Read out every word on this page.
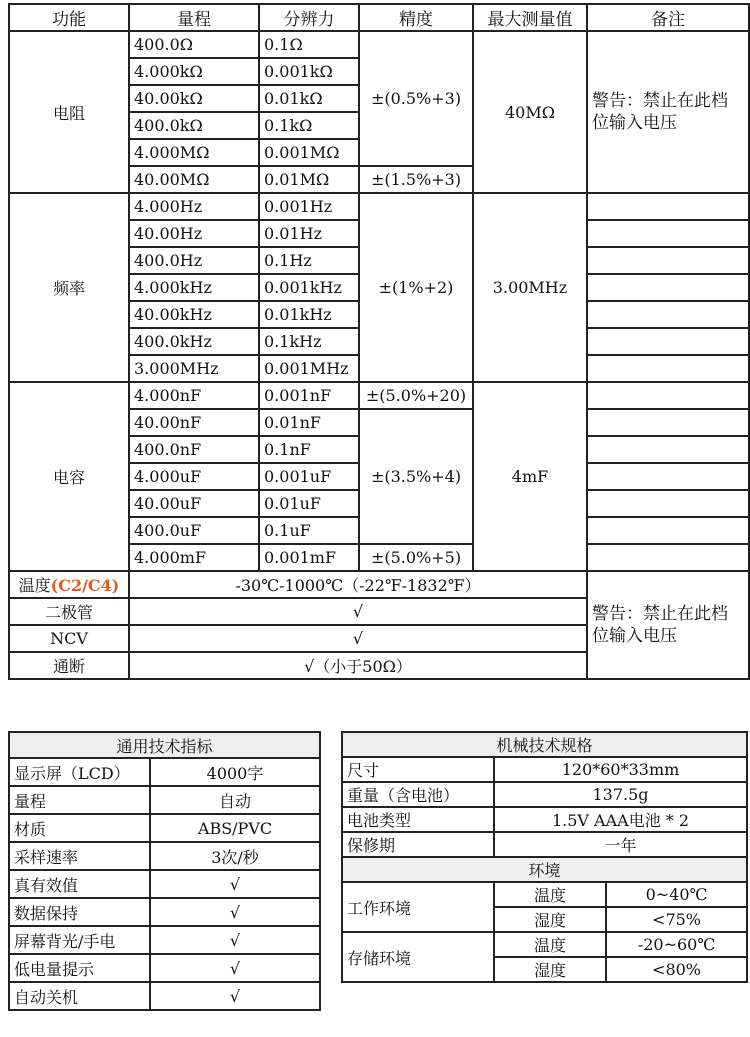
功能	量程	分辨力	精度	最大测量值	备注
电阻	400.0Ω	0.1Ω	±(0.5%+3)	40MΩ	警告：禁止在此档位输入电压
	4.000kΩ	0.001kΩ			
	40.00kΩ	0.01kΩ			
	400.0kΩ	0.1kΩ			
	4.000MΩ	0.001MΩ			
	40.00MΩ	0.01MΩ	±(1.5%+3)		
频率	4.000Hz	0.001Hz	±(1%+2)	3.00MHz	
	40.00Hz	0.01Hz			
	400.0Hz	0.1Hz			
	4.000kHz	0.001kHz			
	40.00kHz	0.01kHz			
	400.0kHz	0.1kHz			
	3.000MHz	0.001MHz			
电容	4.000nF	0.001nF	±(5.0%+20)	4mF	
	40.00nF	0.01nF	±(3.5%+4)		
	400.0nF	0.1nF			
	4.000uF	0.001uF			
	40.00uF	0.01uF			
	400.0uF	0.1uF			
	4.000mF	0.001mF	±(5.0%+5)		
温度(C2/C4)	-30℃-1000℃（-22℉-1832℉）				警告：禁止在此档位输入电压
二极管	√				
NCV	√				
通断	√（小于50Ω）				
通用技术指标	
显示屏（LCD）	4000字
量程	自动
材质	ABS/PVC
采样速率	3次/秒
真有效值	√
数据保持	√
屏幕背光/手电	√
低电量提示	√
自动关机	√
机械技术规格		
尺寸	120*60*33mm	
重量（含电池）	137.5g	
电池类型	1.5V AAA电池 * 2	
保修期	一年	
环境		
工作环境	温度	0~40℃
	湿度	<75%
存储环境	温度	-20~60℃
	湿度	<80%
